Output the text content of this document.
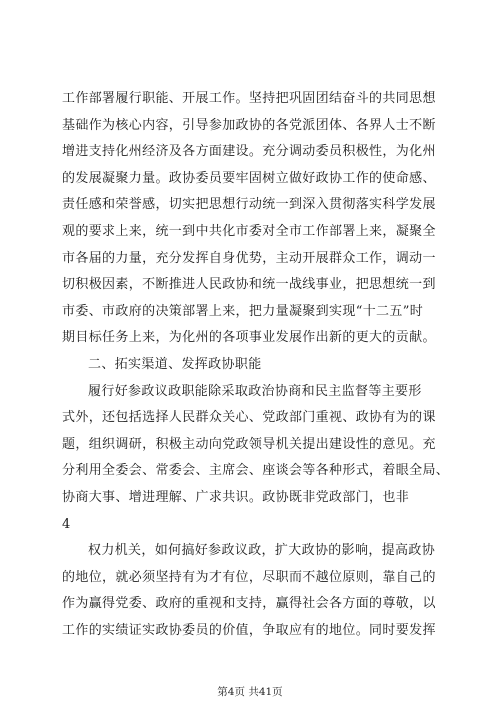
工作部署履行职能、开展工作。坚持把巩固团结奋斗的共同思想
基础作为核心内容，引导参加政协的各党派团体、各界人士不断
增进支持化州经济及各方面建设。充分调动委员积极性，为化州
的发展凝聚力量。政协委员要牢固树立做好政协工作的使命感、
责任感和荣誉感，切实把思想行动统一到深入贯彻落实科学发展
观的要求上来，统一到中共化市委对全市工作部署上来，凝聚全
市各届的力量，充分发挥自身优势，主动开展群众工作，调动一
切积极因素，不断推进人民政协和统一战线事业，把思想统一到
市委、市政府的决策部署上来，把力量凝聚到实现“十二五”时
期目标任务上来，为化州的各项事业发展作出新的更大的贡献。
二、拓实渠道、发挥政协职能
履行好参政议政职能除采取政治协商和民主监督等主要形
式外，还包括选择人民群众关心、党政部门重视、政协有为的课
题，组织调研，积极主动向党政领导机关提出建设性的意见。充
分利用全委会、常委会、主席会、座谈会等各种形式，着眼全局、
协商大事、增进理解、广求共识。政协既非党政部门，也非
4
权力机关，如何搞好参政议政，扩大政协的影响，提高政协
的地位，就必须坚持有为才有位，尽职而不越位原则，靠自己的
作为赢得党委、政府的重视和支持，赢得社会各方面的尊敬，以
工作的实绩证实政协委员的价值，争取应有的地位。同时要发挥
第4页 共41页
